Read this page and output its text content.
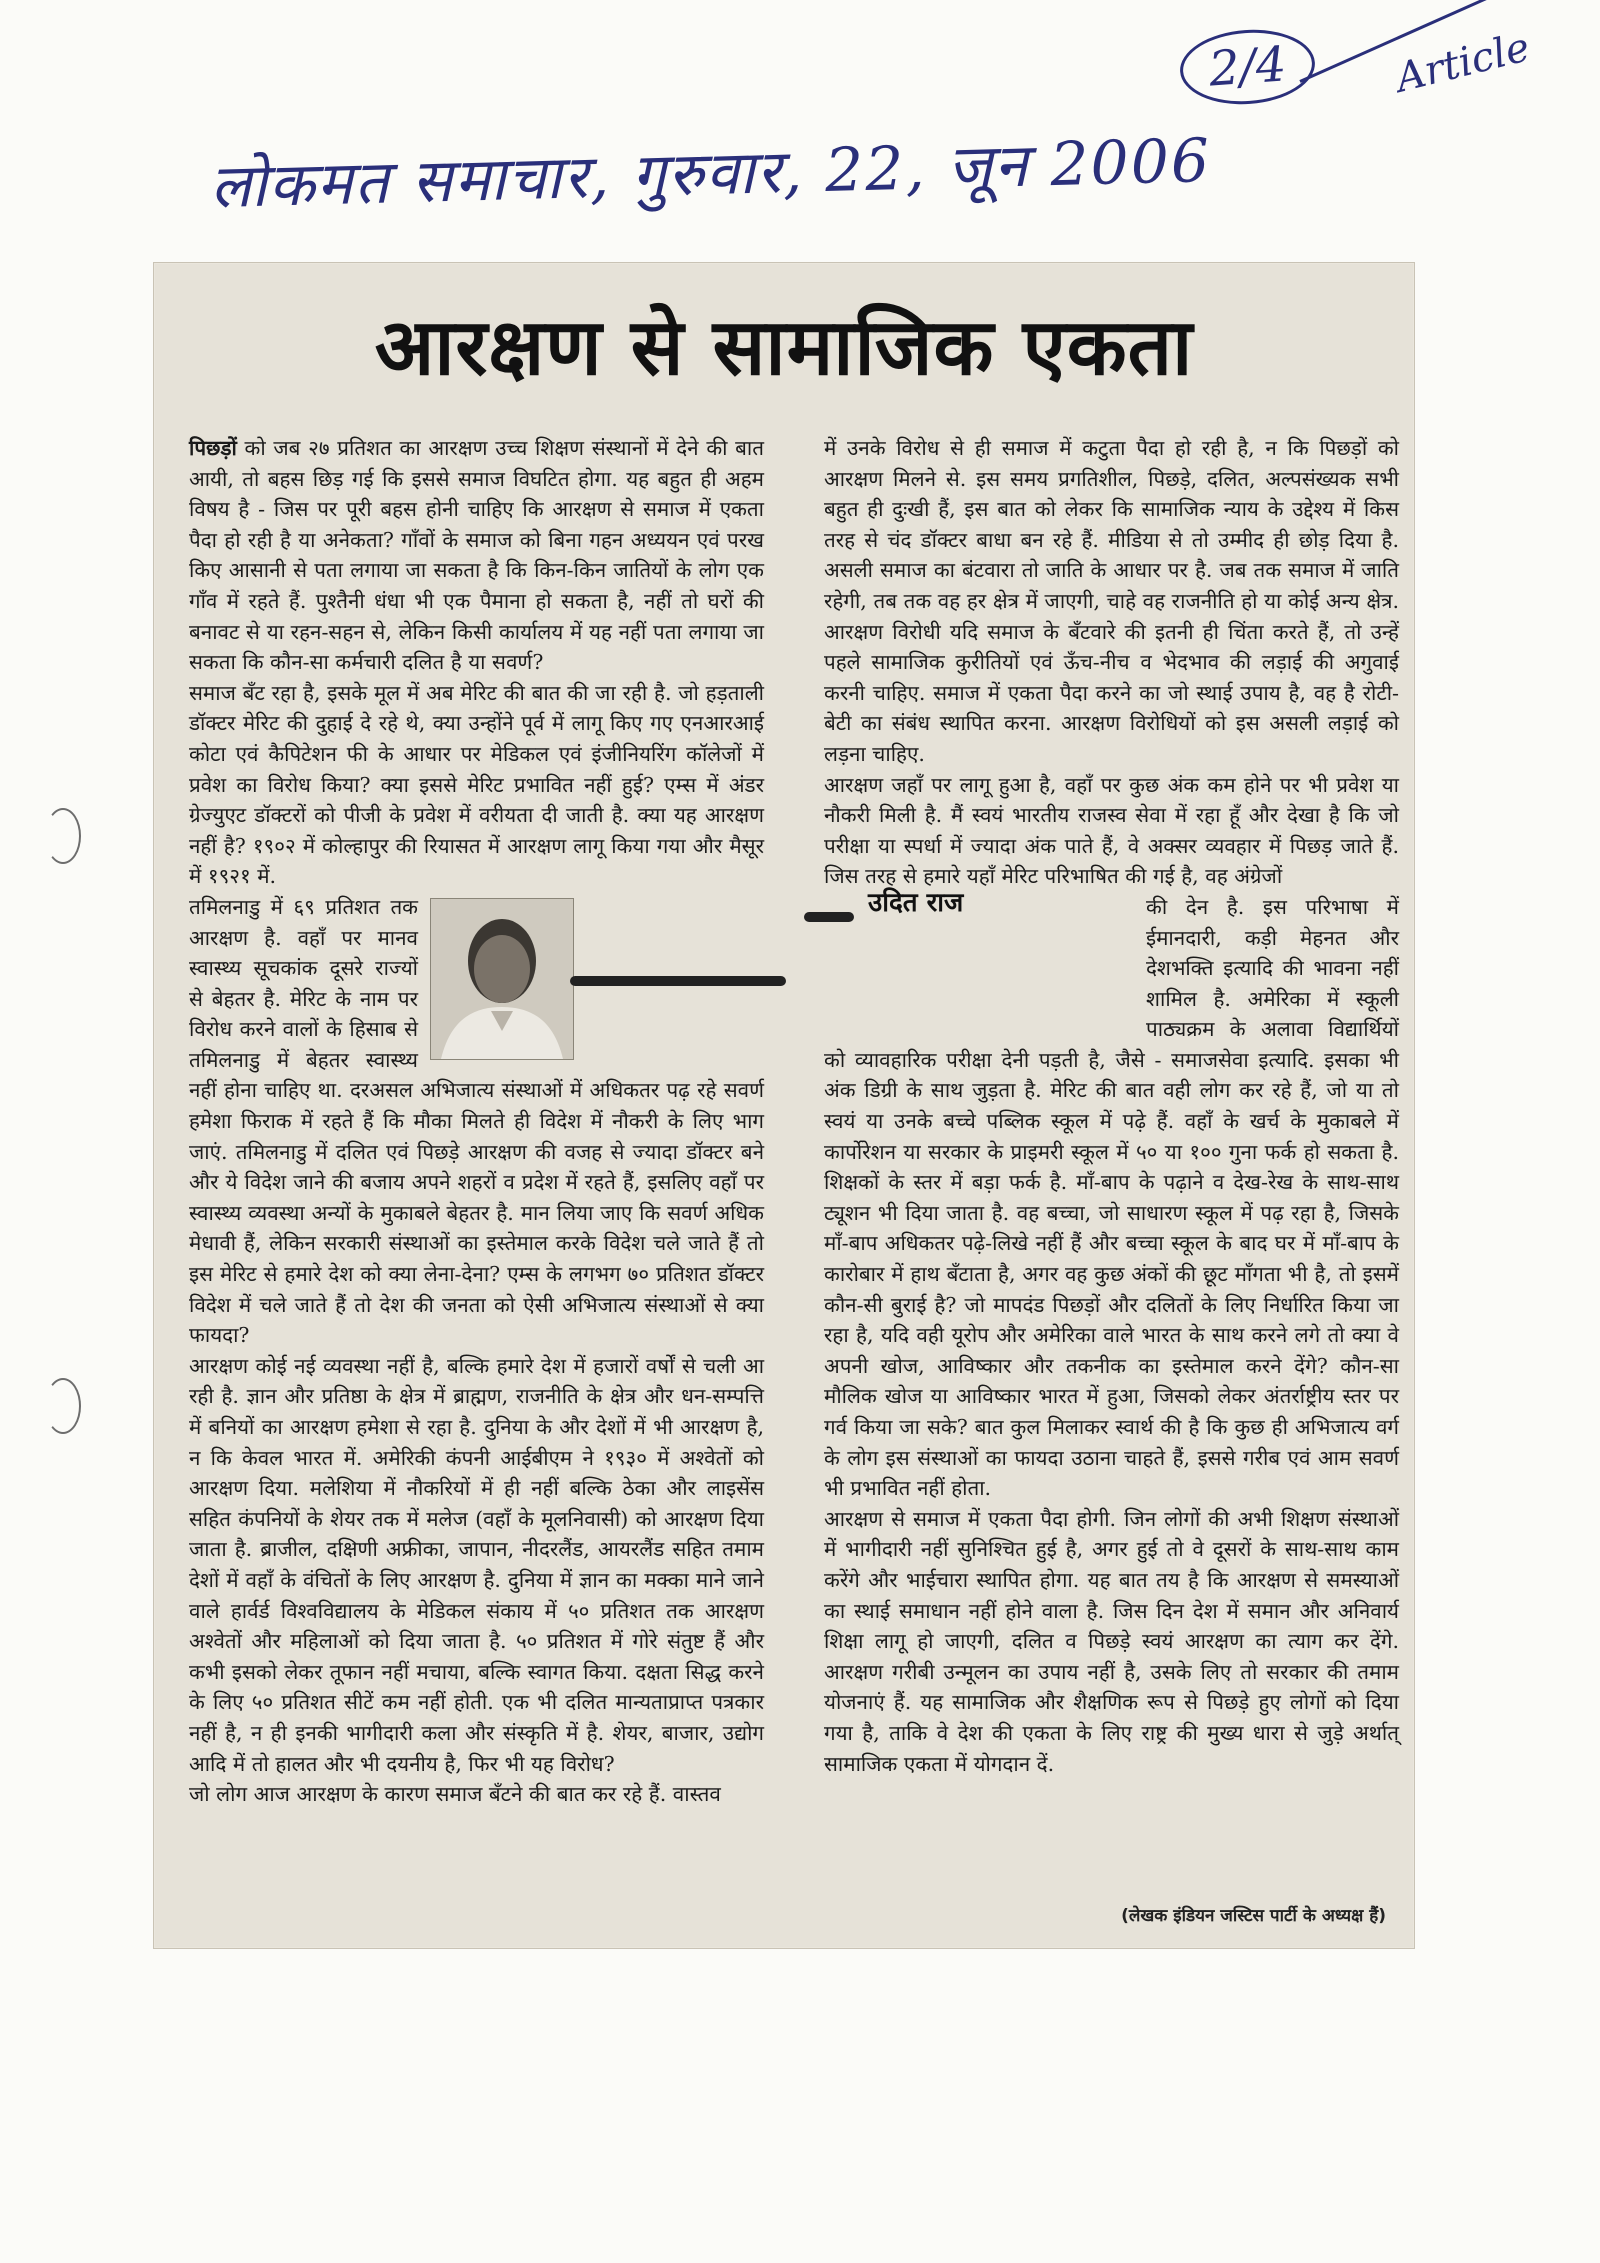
लोकमत समाचार, गुरुवार, 22, जून 2006
2/4	Article
आरक्षण से सामाजिक एकता

पिछड़ों को जब २७ प्रतिशत का आरक्षण उच्च शिक्षण संस्थानों में देने की बात आयी, तो बहस छिड़ गई कि इससे समाज विघटित होगा. यह बहुत ही अहम विषय है - जिस पर पूरी बहस होनी चाहिए कि आरक्षण से समाज में एकता पैदा हो रही है या अनेकता? गाँवों के समाज को बिना गहन अध्ययन एवं परख किए आसानी से पता लगाया जा सकता है कि किन-किन जातियों के लोग एक गाँव में रहते हैं. पुश्तैनी धंधा भी एक पैमाना हो सकता है, नहीं तो घरों की बनावट से या रहन-सहन से, लेकिन किसी कार्यालय में यह नहीं पता लगाया जा सकता कि कौन-सा कर्मचारी दलित है या सवर्ण?

समाज बँट रहा है, इसके मूल में अब मेरिट की बात की जा रही है. जो हड़ताली डॉक्टर मेरिट की दुहाई दे रहे थे, क्या उन्होंने पूर्व में लागू किए गए एनआरआई कोटा एवं कैपिटेशन फी के आधार पर मेडिकल एवं इंजीनियरिंग कॉलेजों में प्रवेश का विरोध किया? क्या इससे मेरिट प्रभावित नहीं हुई? एम्स में अंडर ग्रेज्युएट डॉक्टरों को पीजी के प्रवेश में वरीयता दी जाती है. क्या यह आरक्षण नहीं है? १९०२ में कोल्हापुर की रियासत में आरक्षण लागू किया गया और मैसूर में १९२१ में.

तमिलनाडु में ६९ प्रतिशत तक आरक्षण है. वहाँ पर मानव स्वास्थ्य सूचकांक दूसरे राज्यों से बेहतर है. मेरिट के नाम पर विरोध करने वालों के हिसाब से तमिलनाडु में बेहतर स्वास्थ्य नहीं होना चाहिए था. दरअसल अभिजात्य संस्थाओं में अधिकतर पढ़ रहे सवर्ण हमेशा फिराक में रहते हैं कि मौका मिलते ही विदेश में नौकरी के लिए भाग जाएं. तमिलनाडु में दलित एवं पिछड़े आरक्षण की वजह से ज्यादा डॉक्टर बने और ये विदेश जाने की बजाय अपने शहरों व प्रदेश में रहते हैं, इसलिए वहाँ पर स्वास्थ्य व्यवस्था अन्यों के मुकाबले बेहतर है. मान लिया जाए कि सवर्ण अधिक मेधावी हैं, लेकिन सरकारी संस्थाओं का इस्तेमाल करके विदेश चले जाते हैं तो इस मेरिट से हमारे देश को क्या लेना-देना? एम्स के लगभग ७० प्रतिशत डॉक्टर विदेश में चले जाते हैं तो देश की जनता को ऐसी अभिजात्य संस्थाओं से क्या फायदा?

आरक्षण कोई नई व्यवस्था नहीं है, बल्कि हमारे देश में हजारों वर्षों से चली आ रही है. ज्ञान और प्रतिष्ठा के क्षेत्र में ब्राह्मण, राजनीति के क्षेत्र और धन-सम्पत्ति में बनियों का आरक्षण हमेशा से रहा है. दुनिया के और देशों में भी आरक्षण है, न कि केवल भारत में. अमेरिकी कंपनी आईबीएम ने १९३० में अश्वेतों को आरक्षण दिया. मलेशिया में नौकरियों में ही नहीं बल्कि ठेका और लाइसेंस सहित कंपनियों के शेयर तक में मलेज (वहाँ के मूलनिवासी) को आरक्षण दिया जाता है. ब्राजील, दक्षिणी अफ्रीका, जापान, नीदरलैंड, आयरलैंड सहित तमाम देशों में वहाँ के वंचितों के लिए आरक्षण है. दुनिया में ज्ञान का मक्का माने जाने वाले हार्वर्ड विश्वविद्यालय के मेडिकल संकाय में ५० प्रतिशत तक आरक्षण अश्वेतों और महिलाओं को दिया जाता है. ५० प्रतिशत में गोरे संतुष्ट हैं और कभी इसको लेकर तूफान नहीं मचाया, बल्कि स्वागत किया. दक्षता सिद्ध करने के लिए ५० प्रतिशत सीटें कम नहीं होती. एक भी दलित मान्यताप्राप्त पत्रकार नहीं है, न ही इनकी भागीदारी कला और संस्कृति में है. शेयर, बाजार, उद्योग आदि में तो हालत और भी दयनीय है, फिर भी यह विरोध?

जो लोग आज आरक्षण के कारण समाज बँटने की बात कर रहे हैं. वास्तव

में उनके विरोध से ही समाज में कटुता पैदा हो रही है, न कि पिछड़ों को आरक्षण मिलने से. इस समय प्रगतिशील, पिछड़े, दलित, अल्पसंख्यक सभी बहुत ही दुःखी हैं, इस बात को लेकर कि सामाजिक न्याय के उद्देश्य में किस तरह से चंद डॉक्टर बाधा बन रहे हैं. मीडिया से तो उम्मीद ही छोड़ दिया है. असली समाज का बंटवारा तो जाति के आधार पर है. जब तक समाज में जाति रहेगी, तब तक वह हर क्षेत्र में जाएगी, चाहे वह राजनीति हो या कोई अन्य क्षेत्र. आरक्षण विरोधी यदि समाज के बँटवारे की इतनी ही चिंता करते हैं, तो उन्हें पहले सामाजिक कुरीतियों एवं ऊँच-नीच व भेदभाव की लड़ाई की अगुवाई करनी चाहिए. समाज में एकता पैदा करने का जो स्थाई उपाय है, वह है रोटी-बेटी का संबंध स्थापित करना. आरक्षण विरोधियों को इस असली लड़ाई को लड़ना चाहिए.

आरक्षण जहाँ पर लागू हुआ है, वहाँ पर कुछ अंक कम होने पर भी प्रवेश या नौकरी मिली है. मैं स्वयं भारतीय राजस्व सेवा में रहा हूँ और देखा है कि जो परीक्षा या स्पर्धा में ज्यादा अंक पाते हैं, वे अक्सर व्यवहार में पिछड़ जाते हैं. जिस तरह से हमारे यहाँ मेरिट परिभाषित की गई है, वह अंग्रेजों

उदित राज	की देन है. इस परिभाषा में ईमानदारी, कड़ी मेहनत और देशभक्ति इत्यादि की भावना नहीं शामिल है. अमेरिका में स्कूली पाठ्यक्रम के अलावा विद्यार्थियों को व्यावहारिक परीक्षा देनी पड़ती है, जैसे - समाजसेवा इत्यादि. इसका भी अंक डिग्री के साथ जुड़ता है. मेरिट की बात वही लोग कर रहे हैं, जो या तो स्वयं या उनके बच्चे पब्लिक स्कूल में पढ़े हैं. वहाँ के खर्च के मुकाबले में कार्पोरेशन या सरकार के प्राइमरी स्कूल में ५० या १०० गुना फर्क हो सकता है. शिक्षकों के स्तर में बड़ा फर्क है. माँ-बाप के पढ़ाने व देख-रेख के साथ-साथ ट्यूशन भी दिया जाता है. वह बच्चा, जो साधारण स्कूल में पढ़ रहा है, जिसके माँ-बाप अधिकतर पढ़े-लिखे नहीं हैं और बच्चा स्कूल के बाद घर में माँ-बाप के कारोबार में हाथ बँटाता है, अगर वह कुछ अंकों की छूट माँगता भी है, तो इसमें कौन-सी बुराई है? जो मापदंड पिछड़ों और दलितों के लिए निर्धारित किया जा रहा है, यदि वही यूरोप और अमेरिका वाले भारत के साथ करने लगे तो क्या वे अपनी खोज, आविष्कार और तकनीक का इस्तेमाल करने देंगे? कौन-सा मौलिक खोज या आविष्कार भारत में हुआ, जिसको लेकर अंतर्राष्ट्रीय स्तर पर गर्व किया जा सके? बात कुल मिलाकर स्वार्थ की है कि कुछ ही अभिजात्य वर्ग के लोग इस संस्थाओं का फायदा उठाना चाहते हैं, इससे गरीब एवं आम सवर्ण भी प्रभावित नहीं होता.

आरक्षण से समाज में एकता पैदा होगी. जिन लोगों की अभी शिक्षण संस्थाओं में भागीदारी नहीं सुनिश्चित हुई है, अगर हुई तो वे दूसरों के साथ-साथ काम करेंगे और भाईचारा स्थापित होगा. यह बात तय है कि आरक्षण से समस्याओं का स्थाई समाधान नहीं होने वाला है. जिस दिन देश में समान और अनिवार्य शिक्षा लागू हो जाएगी, दलित व पिछड़े स्वयं आरक्षण का त्याग कर देंगे. आरक्षण गरीबी उन्मूलन का उपाय नहीं है, उसके लिए तो सरकार की तमाम योजनाएं हैं. यह सामाजिक और शैक्षणिक रूप से पिछड़े हुए लोगों को दिया गया है, ताकि वे देश की एकता के लिए राष्ट्र की मुख्य धारा से जुड़े अर्थात् सामाजिक एकता में योगदान दें.

(लेखक इंडियन जस्टिस पार्टी के अध्यक्ष हैं)
